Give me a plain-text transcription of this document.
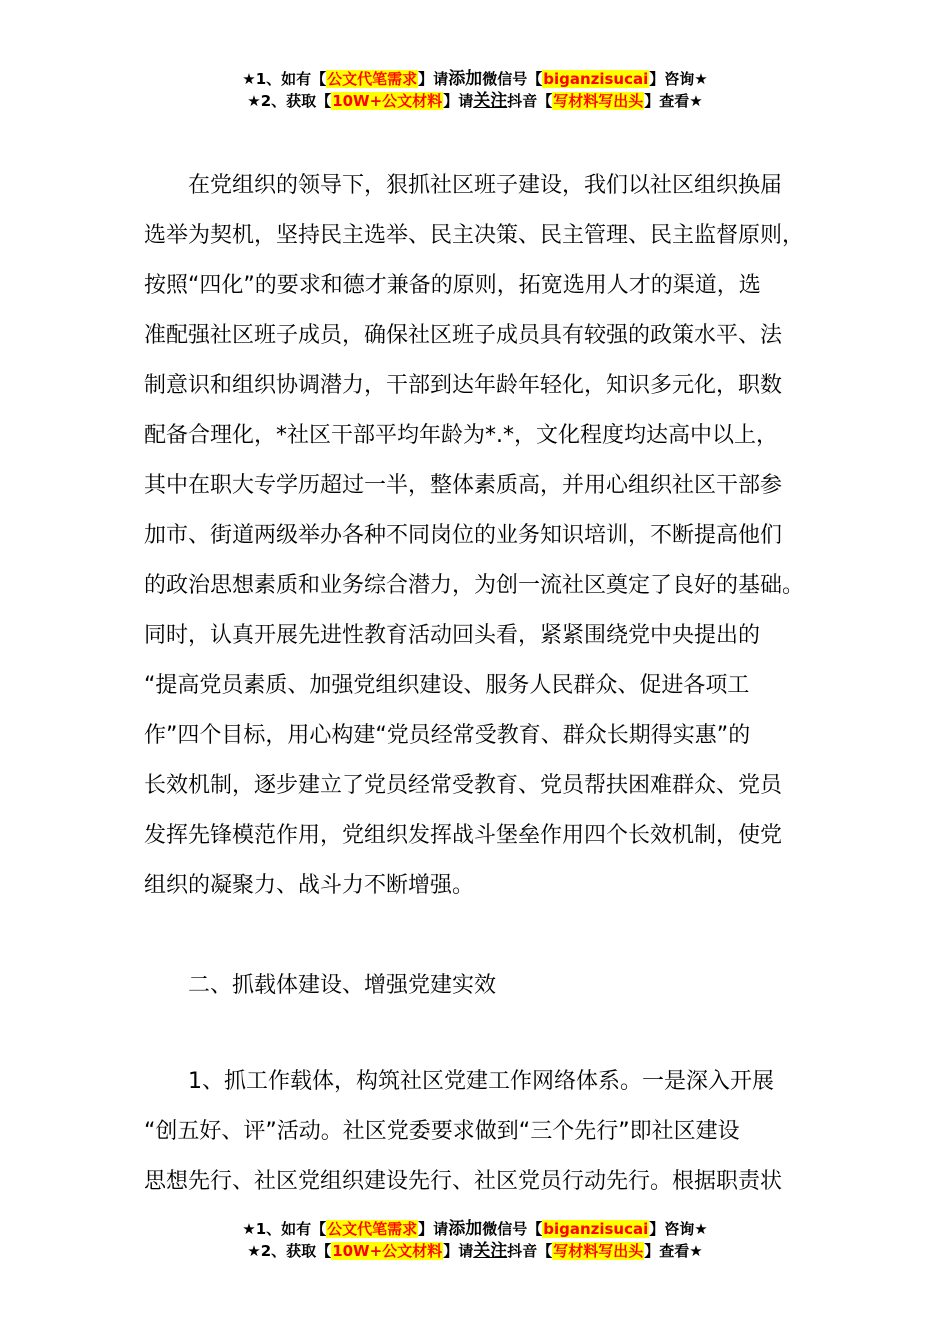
★1、如有【公文代笔需求】请添加微信号【biganzisucai】咨询★
★2、获取【10W+公文材料】请关注抖音【写材料写出头】查看★
在党组织的领导下，狠抓社区班子建设，我们以社区组织换届
选举为契机，坚持民主选举、民主决策、民主管理、民主监督原则，
按照“四化”的要求和德才兼备的原则，拓宽选用人才的渠道，选
准配强社区班子成员，确保社区班子成员具有较强的政策水平、法
制意识和组织协调潜力，干部到达年龄年轻化，知识多元化，职数
配备合理化，*社区干部平均年龄为*.*，文化程度均达高中以上，
其中在职大专学历超过一半，整体素质高，并用心组织社区干部参
加市、街道两级举办各种不同岗位的业务知识培训，不断提高他们
的政治思想素质和业务综合潜力，为创一流社区奠定了良好的基础。
同时，认真开展先进性教育活动回头看，紧紧围绕党中央提出的
“提高党员素质、加强党组织建设、服务人民群众、促进各项工
作”四个目标，用心构建“党员经常受教育、群众长期得实惠”的
长效机制，逐步建立了党员经常受教育、党员帮扶困难群众、党员
发挥先锋模范作用，党组织发挥战斗堡垒作用四个长效机制，使党
组织的凝聚力、战斗力不断增强。
二、抓载体建设、增强党建实效
1、抓工作载体，构筑社区党建工作网络体系。一是深入开展
“创五好、评”活动。社区党委要求做到“三个先行”即社区建设
思想先行、社区党组织建设先行、社区党员行动先行。根据职责状
★1、如有【公文代笔需求】请添加微信号【biganzisucai】咨询★
★2、获取【10W+公文材料】请关注抖音【写材料写出头】查看★
